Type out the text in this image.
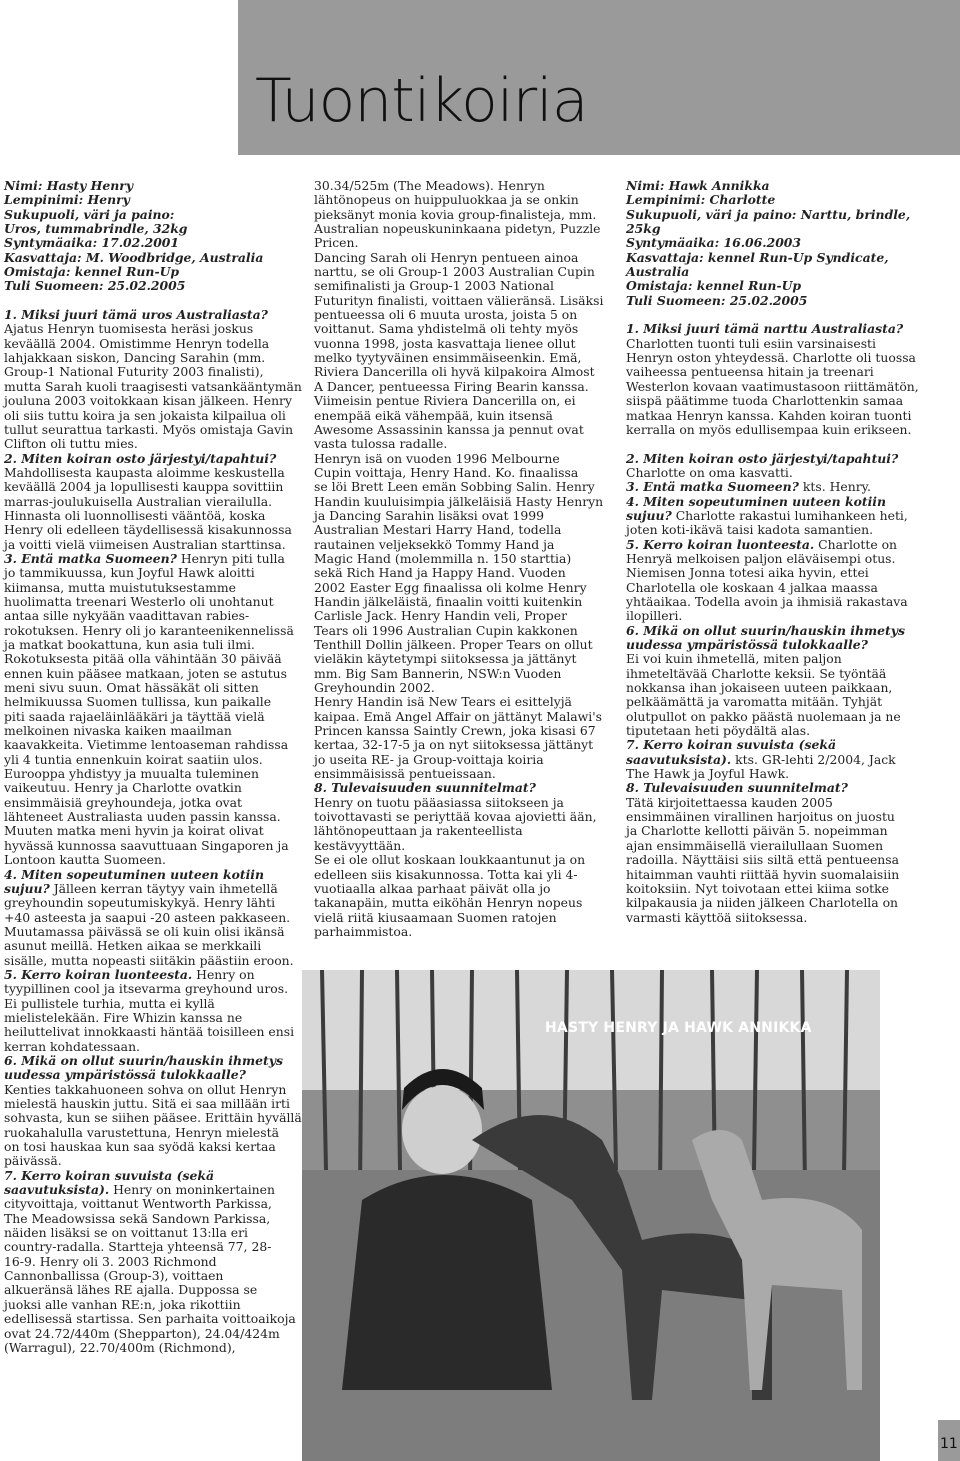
Tuontikoiria

Nimi: Hasty Henry

Lempinimi: Henry

Sukupuoli, väri ja paino:

Uros, tummabrindle, 32kg

Syntymäaika: 17.02.2001

Kasvattaja: M. Woodbridge, Australia

Omistaja: kennel Run-Up

Tuli Suomeen: 25.02.2005

1. Miksi juuri tämä uros Australiasta?

Ajatus Henryn tuomisesta heräsi joskus

keväällä 2004. Omistimme Henryn todella

lahjakkaan siskon, Dancing Sarahin (mm.

Group-1 National Futurity 2003 finalisti),

mutta Sarah kuoli traagisesti vatsankääntymän

jouluna 2003 voitokkaan kisan jälkeen. Henry

oli siis tuttu koira ja sen jokaista kilpailua oli

tullut seurattua tarkasti. Myös omistaja Gavin

Clifton oli tuttu mies.

2. Miten koiran osto järjestyi/tapahtui?

Mahdollisesta kaupasta aloimme keskustella

keväällä 2004 ja lopullisesti kauppa sovittiin

marras-joulukuisella Australian vierailulla.

Hinnasta oli luonnollisesti vääntöä, koska

Henry oli edelleen täydellisessä kisakunnossa

ja voitti vielä viimeisen Australian starttinsa.

3. Entä matka Suomeen? Henryn piti tulla

jo tammikuussa, kun Joyful Hawk aloitti

kiimansa, mutta muistutuksestamme

huolimatta treenari Westerlo oli unohtanut

antaa sille nykyään vaadittavan rabies-

rokotuksen. Henry oli jo karanteenikennelissä

ja matkat bookattuna, kun asia tuli ilmi.

Rokotuksesta pitää olla vähintään 30 päivää

ennen kuin pääsee matkaan, joten se astutus

meni sivu suun. Omat hässäkät oli sitten

helmikuussa Suomen tullissa, kun paikalle

piti saada rajaeläinlääkäri ja täyttää vielä

melkoinen nivaska kaiken maailman

kaavakkeita. Vietimme lentoaseman rahdissa

yli 4 tuntia ennenkuin koirat saatiin ulos.

Eurooppa yhdistyy ja muualta tuleminen

vaikeutuu. Henry ja Charlotte ovatkin

ensimmäisiä greyhoundeja, jotka ovat

lähteneet Australiasta uuden passin kanssa.

Muuten matka meni hyvin ja koirat olivat

hyvässä kunnossa saavuttuaan Singaporen ja

Lontoon kautta Suomeen.

4. Miten sopeutuminen uuteen kotiin

sujuu? Jälleen kerran täytyy vain ihmetellä

greyhoundin sopeutumiskykyä. Henry lähti

+40 asteesta ja saapui -20 asteen pakkaseen.

Muutamassa päivässä se oli kuin olisi ikänsä

asunut meillä. Hetken aikaa se merkkaili

sisälle, mutta nopeasti siitäkin päästiin eroon.

5. Kerro koiran luonteesta. Henry on

tyypillinen cool ja itsevarma greyhound uros.

Ei pullistele turhia, mutta ei kyllä

mielistelekään. Fire Whizin kanssa ne

heiluttelivat innokkaasti häntää toisilleen ensi

kerran kohdatessaan.

6. Mikä on ollut suurin/hauskin ihmetys

uudessa ympäristössä tulokkaalle?

Kenties takkahuoneen sohva on ollut Henryn

mielestä hauskin juttu. Sitä ei saa millään irti

sohvasta, kun se siihen pääsee. Erittäin hyvällä

ruokahalulla varustettuna, Henryn mielestä

on tosi hauskaa kun saa syödä kaksi kertaa

päivässä.

7. Kerro koiran suvuista (sekä

saavutuksista). Henry on moninkertainen

cityvoittaja, voittanut Wentworth Parkissa,

The Meadowsissa sekä Sandown Parkissa,

näiden lisäksi se on voittanut 13:lla eri

country-radalla. Startteja yhteensä 77, 28-

16-9. Henry oli 3. 2003 Richmond

Cannonballissa (Group-3), voittaen

alkueränsä lähes RE ajalla. Duppossa se

juoksi alle vanhan RE:n, joka rikottiin

edellisessä startissa. Sen parhaita voittoaikoja

ovat 24.72/440m (Shepparton), 24.04/424m

(Warragul), 22.70/400m (Richmond),

30.34/525m (The Meadows). Henryn

lähtönopeus on huippuluokkaa ja se onkin

pieksänyt monia kovia group-finalisteja, mm.

Australian nopeuskuninkaana pidetyn, Puzzle

Pricen.

Dancing Sarah oli Henryn pentueen ainoa

narttu, se oli Group-1 2003 Australian Cupin

semifinalisti ja Group-1 2003 National

Futurityn finalisti, voittaen välieränsä. Lisäksi

pentueessa oli 6 muuta urosta, joista 5 on

voittanut. Sama yhdistelmä oli tehty myös

vuonna 1998, josta kasvattaja lienee ollut

melko tyytyväinen ensimmäiseenkin. Emä,

Riviera Dancerilla oli hyvä kilpakoira Almost

A Dancer, pentueessa Firing Bearin kanssa.

Viimeisin pentue Riviera Dancerilla on, ei

enempää eikä vähempää, kuin itsensä

Awesome Assassinin kanssa ja pennut ovat

vasta tulossa radalle.

Henryn isä on vuoden 1996 Melbourne

Cupin voittaja, Henry Hand. Ko. finaalissa

se löi Brett Leen emän Sobbing Salin. Henry

Handin kuuluisimpia jälkeläisiä Hasty Henryn

ja Dancing Sarahin lisäksi ovat 1999

Australian Mestari Harry Hand, todella

rautainen veljeksekkö Tommy Hand ja

Magic Hand (molemmilla n. 150 starttia)

sekä Rich Hand ja Happy Hand. Vuoden

2002 Easter Egg finaalissa oli kolme Henry

Handin jälkeläistä, finaalin voitti kuitenkin

Carlisle Jack. Henry Handin veli, Proper

Tears oli 1996 Australian Cupin kakkonen

Tenthill Dollin jälkeen. Proper Tears on ollut

vieläkin käytetympi siitoksessa ja jättänyt

mm. Big Sam Bannerin, NSW:n Vuoden

Greyhoundin 2002.

Henry Handin isä New Tears ei esittelyjä

kaipaa. Emä Angel Affair on jättänyt Malawi's

Princen kanssa Saintly Crewn, joka kisasi 67

kertaa, 32-17-5 ja on nyt siitoksessa jättänyt

jo useita RE- ja Group-voittaja koiria

ensimmäisissä pentueissaan.

8. Tulevaisuuden suunnitelmat?

Henry on tuotu pääasiassa siitokseen ja

toivottavasti se periyttää kovaa ajovietti ään,

lähtönopeuttaan ja rakenteellista

kestävyyttään.

Se ei ole ollut koskaan loukkaantunut ja on

edelleen siis kisakunnossa. Totta kai yli 4-

vuotiaalla alkaa parhaat päivät olla jo

takanapäin, mutta eiköhän Henryn nopeus

vielä riitä kiusaamaan Suomen ratojen

parhaimmistoa.

Nimi: Hawk Annikka

Lempinimi: Charlotte

Sukupuoli, väri ja paino: Narttu, brindle,

25kg

Syntymäaika: 16.06.2003

Kasvattaja: kennel Run-Up Syndicate,

Australia

Omistaja: kennel Run-Up

Tuli Suomeen: 25.02.2005

1. Miksi juuri tämä narttu Australiasta?

Charlotten tuonti tuli esiin varsinaisesti

Henryn oston yhteydessä. Charlotte oli tuossa

vaiheessa pentueensa hitain ja treenari

Westerlon kovaan vaatimustasoon riittämätön,

siispä päätimme tuoda Charlottenkin samaa

matkaa Henryn kanssa. Kahden koiran tuonti

kerralla on myös edullisempaa kuin erikseen.

2. Miten koiran osto järjestyi/tapahtui?

Charlotte on oma kasvatti.

3. Entä matka Suomeen? kts. Henry.

4. Miten sopeutuminen uuteen kotiin

sujuu? Charlotte rakastui lumihankeen heti,

joten koti-ikävä taisi kadota samantien.

5. Kerro koiran luonteesta. Charlotte on

Henryä melkoisen paljon eläväisempi otus.

Niemisen Jonna totesi aika hyvin, ettei

Charlotella ole koskaan 4 jalkaa maassa

yhtäaikaa. Todella avoin ja ihmisiä rakastava

ilopilleri.

6. Mikä on ollut suurin/hauskin ihmetys

uudessa ympäristössä tulokkaalle?

Ei voi kuin ihmetellä, miten paljon

ihmeteltävää Charlotte keksii. Se työntää

nokkansa ihan jokaiseen uuteen paikkaan,

pelkäämättä ja varomatta mitään. Tyhjät

olutpullot on pakko päästä nuolemaan ja ne

tiputetaan heti pöydältä alas.

7. Kerro koiran suvuista (sekä

saavutuksista). kts. GR-lehti 2/2004, Jack

The Hawk ja Joyful Hawk.

8. Tulevaisuuden suunnitelmat?

Tätä kirjoitettaessa kauden 2005

ensimmäinen virallinen harjoitus on juostu

ja Charlotte kellotti päivän 5. nopeimman

ajan ensimmäisellä vierailullaan Suomen

radoilla. Näyttäisi siis siltä että pentueensa

hitaimman vauhti riittää hyvin suomalaisiin

koitoksiin. Nyt toivotaan ettei kiima sotke

kilpakausia ja niiden jälkeen Charlotella on

varmasti käyttöä siitoksessa.

HASTY HENRY JA HAWK ANNIKKA
11
